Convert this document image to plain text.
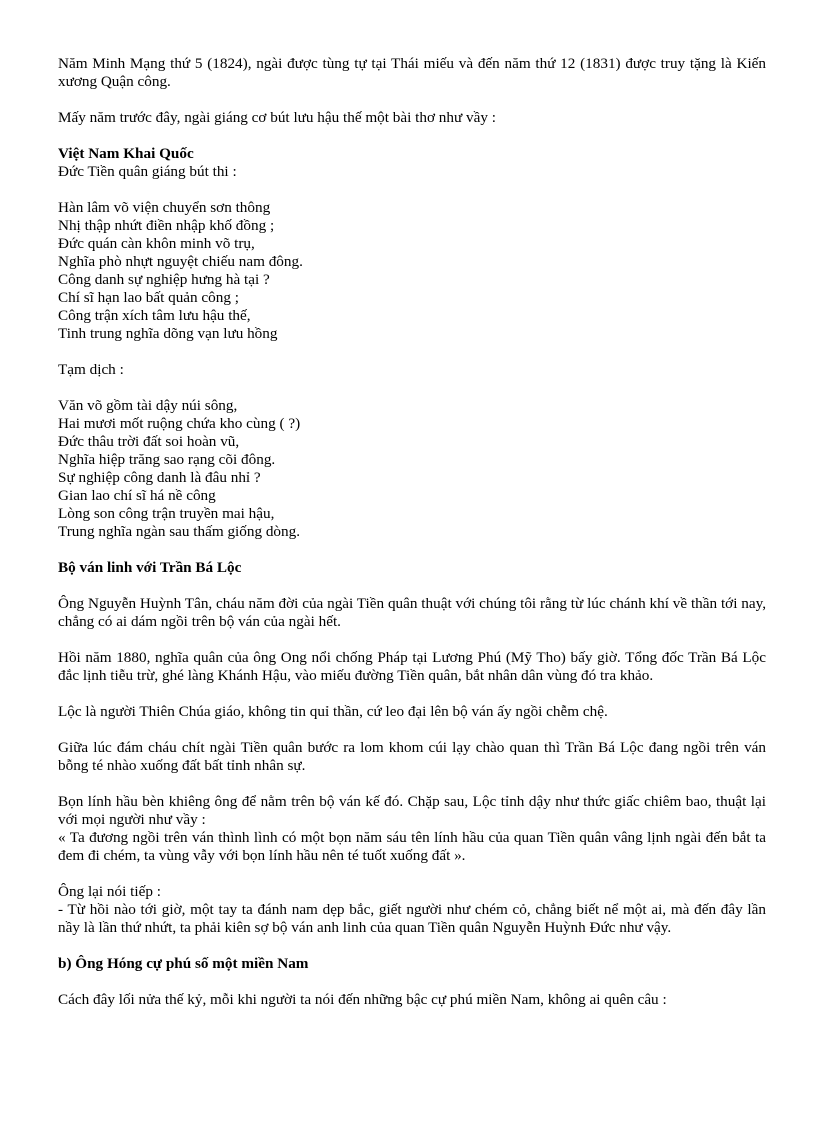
Năm Minh Mạng thứ 5 (1824), ngài được tùng tự tại Thái miếu và đến năm thứ 12 (1831) được truy tặng là Kiến xương Quận công.

Mấy năm trước đây, ngài giáng cơ bút lưu hậu thế một bài thơ như vầy :

Việt Nam Khai Quốc
Đức Tiền quân giáng bút thi :
Hàn lâm võ viện chuyển sơn thông
Nhị thập nhứt điền nhập khố đồng ;
Đức quán càn khôn minh võ trụ,
Nghĩa phò nhựt nguyệt chiếu nam đông.
Công danh sự nghiệp hưng hà tại ?
Chí sĩ hạn lao bất quản công ;
Công trận xích tâm lưu hậu thế,
Tinh trung nghĩa dõng vạn lưu hồng
Tạm dịch :
Văn võ gồm tài dậy núi sông,
Hai mươi mốt ruộng chứa kho cùng ( ?)
Đức thâu trời đất soi hoàn vũ,
Nghĩa hiệp trăng sao rạng cõi đông.
Sự nghiệp công danh là đâu nhỉ ?
Gian lao chí sĩ há nề công
Lòng son công trận truyền mai hậu,
Trung nghĩa ngàn sau thấm giống dòng.
Bộ ván linh với Trần Bá Lộc

Ông Nguyễn Huỳnh Tân, cháu năm đời của ngài Tiền quân thuật với chúng tôi rằng từ lúc chánh khí về thần tới nay, chẳng có ai dám ngồi trên bộ ván của ngài hết.

Hồi năm 1880, nghĩa quân của ông Ong nổi chống Pháp tại Lương Phú (Mỹ Tho) bấy giờ. Tổng đốc Trần Bá Lộc đắc lịnh tiễu trừ, ghé làng Khánh Hậu, vào miếu đường Tiền quân, bắt nhân dân vùng đó tra khảo.

Lộc là người Thiên Chúa giáo, không tin quỉ thần, cứ leo đại lên bộ ván ấy ngồi chễm chệ.

Giữa lúc đám cháu chít ngài Tiền quân bước ra lom khom cúi lạy chào quan thì Trần Bá Lộc đang ngồi trên ván bỗng té nhào xuống đất bất tỉnh nhân sự.

Bọn lính hầu bèn khiêng ông để nằm trên bộ ván kế đó. Chặp sau, Lộc tỉnh dậy như thức giấc chiêm bao, thuật lại với mọi người như vầy :
« Ta đương ngồi trên ván thình lình có một bọn năm sáu tên lính hầu của quan Tiền quân vâng lịnh ngài đến bắt ta đem đi chém, ta vùng vẫy với bọn lính hầu nên té tuốt xuống đất ».

Ông lại nói tiếp :
- Từ hồi nào tới giờ, một tay ta đánh nam dẹp bắc, giết người như chém cỏ, chẳng biết nể một ai, mà đến đây lần nầy là lần thứ nhứt, ta phải kiên sợ bộ ván anh linh của quan Tiền quân Nguyễn Huỳnh Đức như vậy.

b) Ông Hóng cự phú số một miền Nam

Cách đây lối nửa thế kỷ, mỗi khi người ta nói đến những bậc cự phú miền Nam, không ai quên câu :
